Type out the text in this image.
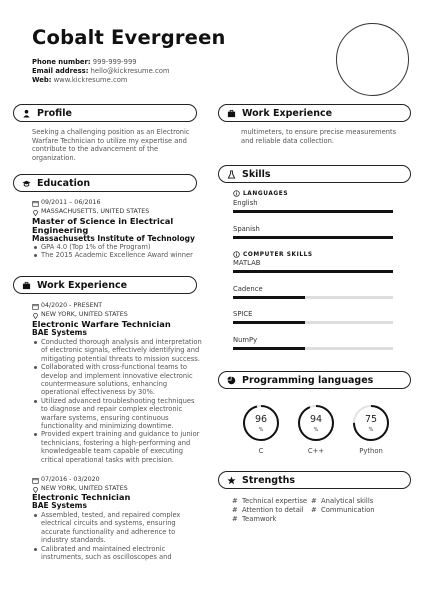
Cobalt Evergreen
Phone number: 999-999-999
Email address: hello@kickresume.com
Web: www.kickresume.com
Profile
Seeking a challenging position as an Electronic Warfare Technician to utilize my expertise and contribute to the advancement of the organization.
Education
09/2011 – 06/2016
MASSACHUSETTS, UNITED STATES
Master of Science in Electrical Engineering
Massachusetts Institute of Technology
GPA 4.0 (Top 1% of the Program)
The 2015 Academic Excellence Award winner
Work Experience
04/2020 - PRESENT
NEW YORK, UNITED STATES
Electronic Warfare Technician
BAE Systems
Conducted thorough analysis and interpretation of electronic signals, effectively identifying and mitigating potential threats to mission success.
Collaborated with cross-functional teams to develop and implement innovative electronic countermeasure solutions, enhancing operational effectiveness by 30%.
Utilized advanced troubleshooting techniques to diagnose and repair complex electronic warfare systems, ensuring continuous functionality and minimizing downtime.
Provided expert training and guidance to junior technicians, fostering a high-performing and knowledgeable team capable of executing critical operational tasks with precision.
07/2016 - 03/2020
NEW YORK, UNITED STATES
Electronic Technician
BAE Systems
Assembled, tested, and repaired complex electrical circuits and systems, ensuring accurate functionality and adherence to industry standards.
Calibrated and maintained electronic instruments, such as oscilloscopes and
Work Experience
multimeters, to ensure precise measurements and reliable data collection.
Skills
LANGUAGES
English
Spanish
COMPUTER SKILLS
MATLAB
Cadence
SPICE
NumPy
Programming languages
96
%
C
94
%
C++
75
%
Python
Strengths
#  Technical expertise #  Analytical skills
#  Attention to detail #  Communication
#  Teamwork
